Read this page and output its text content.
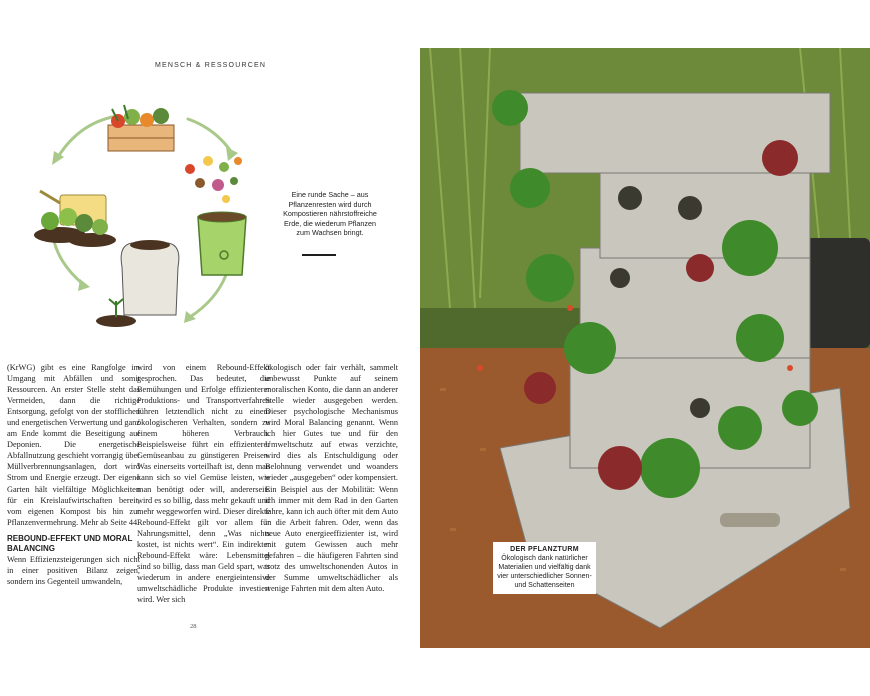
MENSCH & RESSOURCEN
Eine runde Sache – aus Pflanzenresten wird durch Kompostieren nährstoffreiche Erde, die wiederum Pflanzen zum Wachsen bringt.

(KrWG) gibt es eine Rangfolge im Umgang mit Abfällen und somit Ressourcen. An erster Stelle steht das Vermeiden, dann die richtige Entsorgung, gefolgt von der stofflichen und energetischen Verwertung und ganz am Ende kommt die Beseitigung auf Deponien. Die energetische Abfallnutzung geschieht vorrangig über Müllverbrennungsanlagen, dort wird Strom und Energie erzeugt. Der eigene Garten hält vielfältige Möglichkeiten für ein Kreislaufwirtschaften bereit, vom eigenen Kompost bis hin zur Pflanzenvermehrung. Mehr ab Seite 44.

REBOUND-EFFEKT UND MORAL BALANCING

Wenn Effizienzsteigerungen sich nicht in einer positiven Bilanz zeigen, sondern ins Gegenteil umwandeln,

wird von einem Rebound-Effekt gesprochen. Das bedeutet, die Bemühungen und Erfolge effizienterer Produktions- und Transportverfahren führen letztendlich nicht zu einem ökologischeren Verhalten, sondern zu einem höheren Verbrauch. Beispielsweise führt ein effizienterer Gemüseanbau zu günstigeren Preisen. Was einerseits vorteilhaft ist, denn man kann sich so viel Gemüse leisten, wie man benötigt oder will, andererseits wird es so billig, dass mehr gekauft und mehr weggeworfen wird. Dieser direkte Rebound-Effekt gilt vor allem für Nahrungsmittel, denn „Was nichts kostet, ist nichts wert“. Ein indirekter Rebound-Effekt wäre: Lebensmittel sind so billig, dass man Geld spart, was wiederum in andere energieintensive umweltschädliche Produkte investiert wird. Wer sich

ökologisch oder fair verhält, sammelt unbewusst Punkte auf seinem moralischen Konto, die dann an anderer Stelle wieder ausgegeben werden. Dieser psychologische Mechanismus wird Moral Balancing genannt. Wenn ich hier Gutes tue und für den Umweltschutz auf etwas verzichte, wird dies als Entschuldigung oder Belohnung verwendet und woanders wieder „ausgegeben“ oder kompensiert. Ein Beispiel aus der Mobilität: Wenn ich immer mit dem Rad in den Garten fahre, kann ich auch öfter mit dem Auto in die Arbeit fahren. Oder, wenn das neue Auto energieeffizienter ist, wird mit gutem Gewissen auch mehr gefahren – die häufigeren Fahrten sind trotz des umweltschonenden Autos in der Summe umweltschädlicher als wenige Fahrten mit dem alten Auto.

28
DER PFLANZTURM
Ökologisch dank natürlicher Materialien und vielfältig dank vier unterschiedlicher Sonnen- und Schattenseiten
